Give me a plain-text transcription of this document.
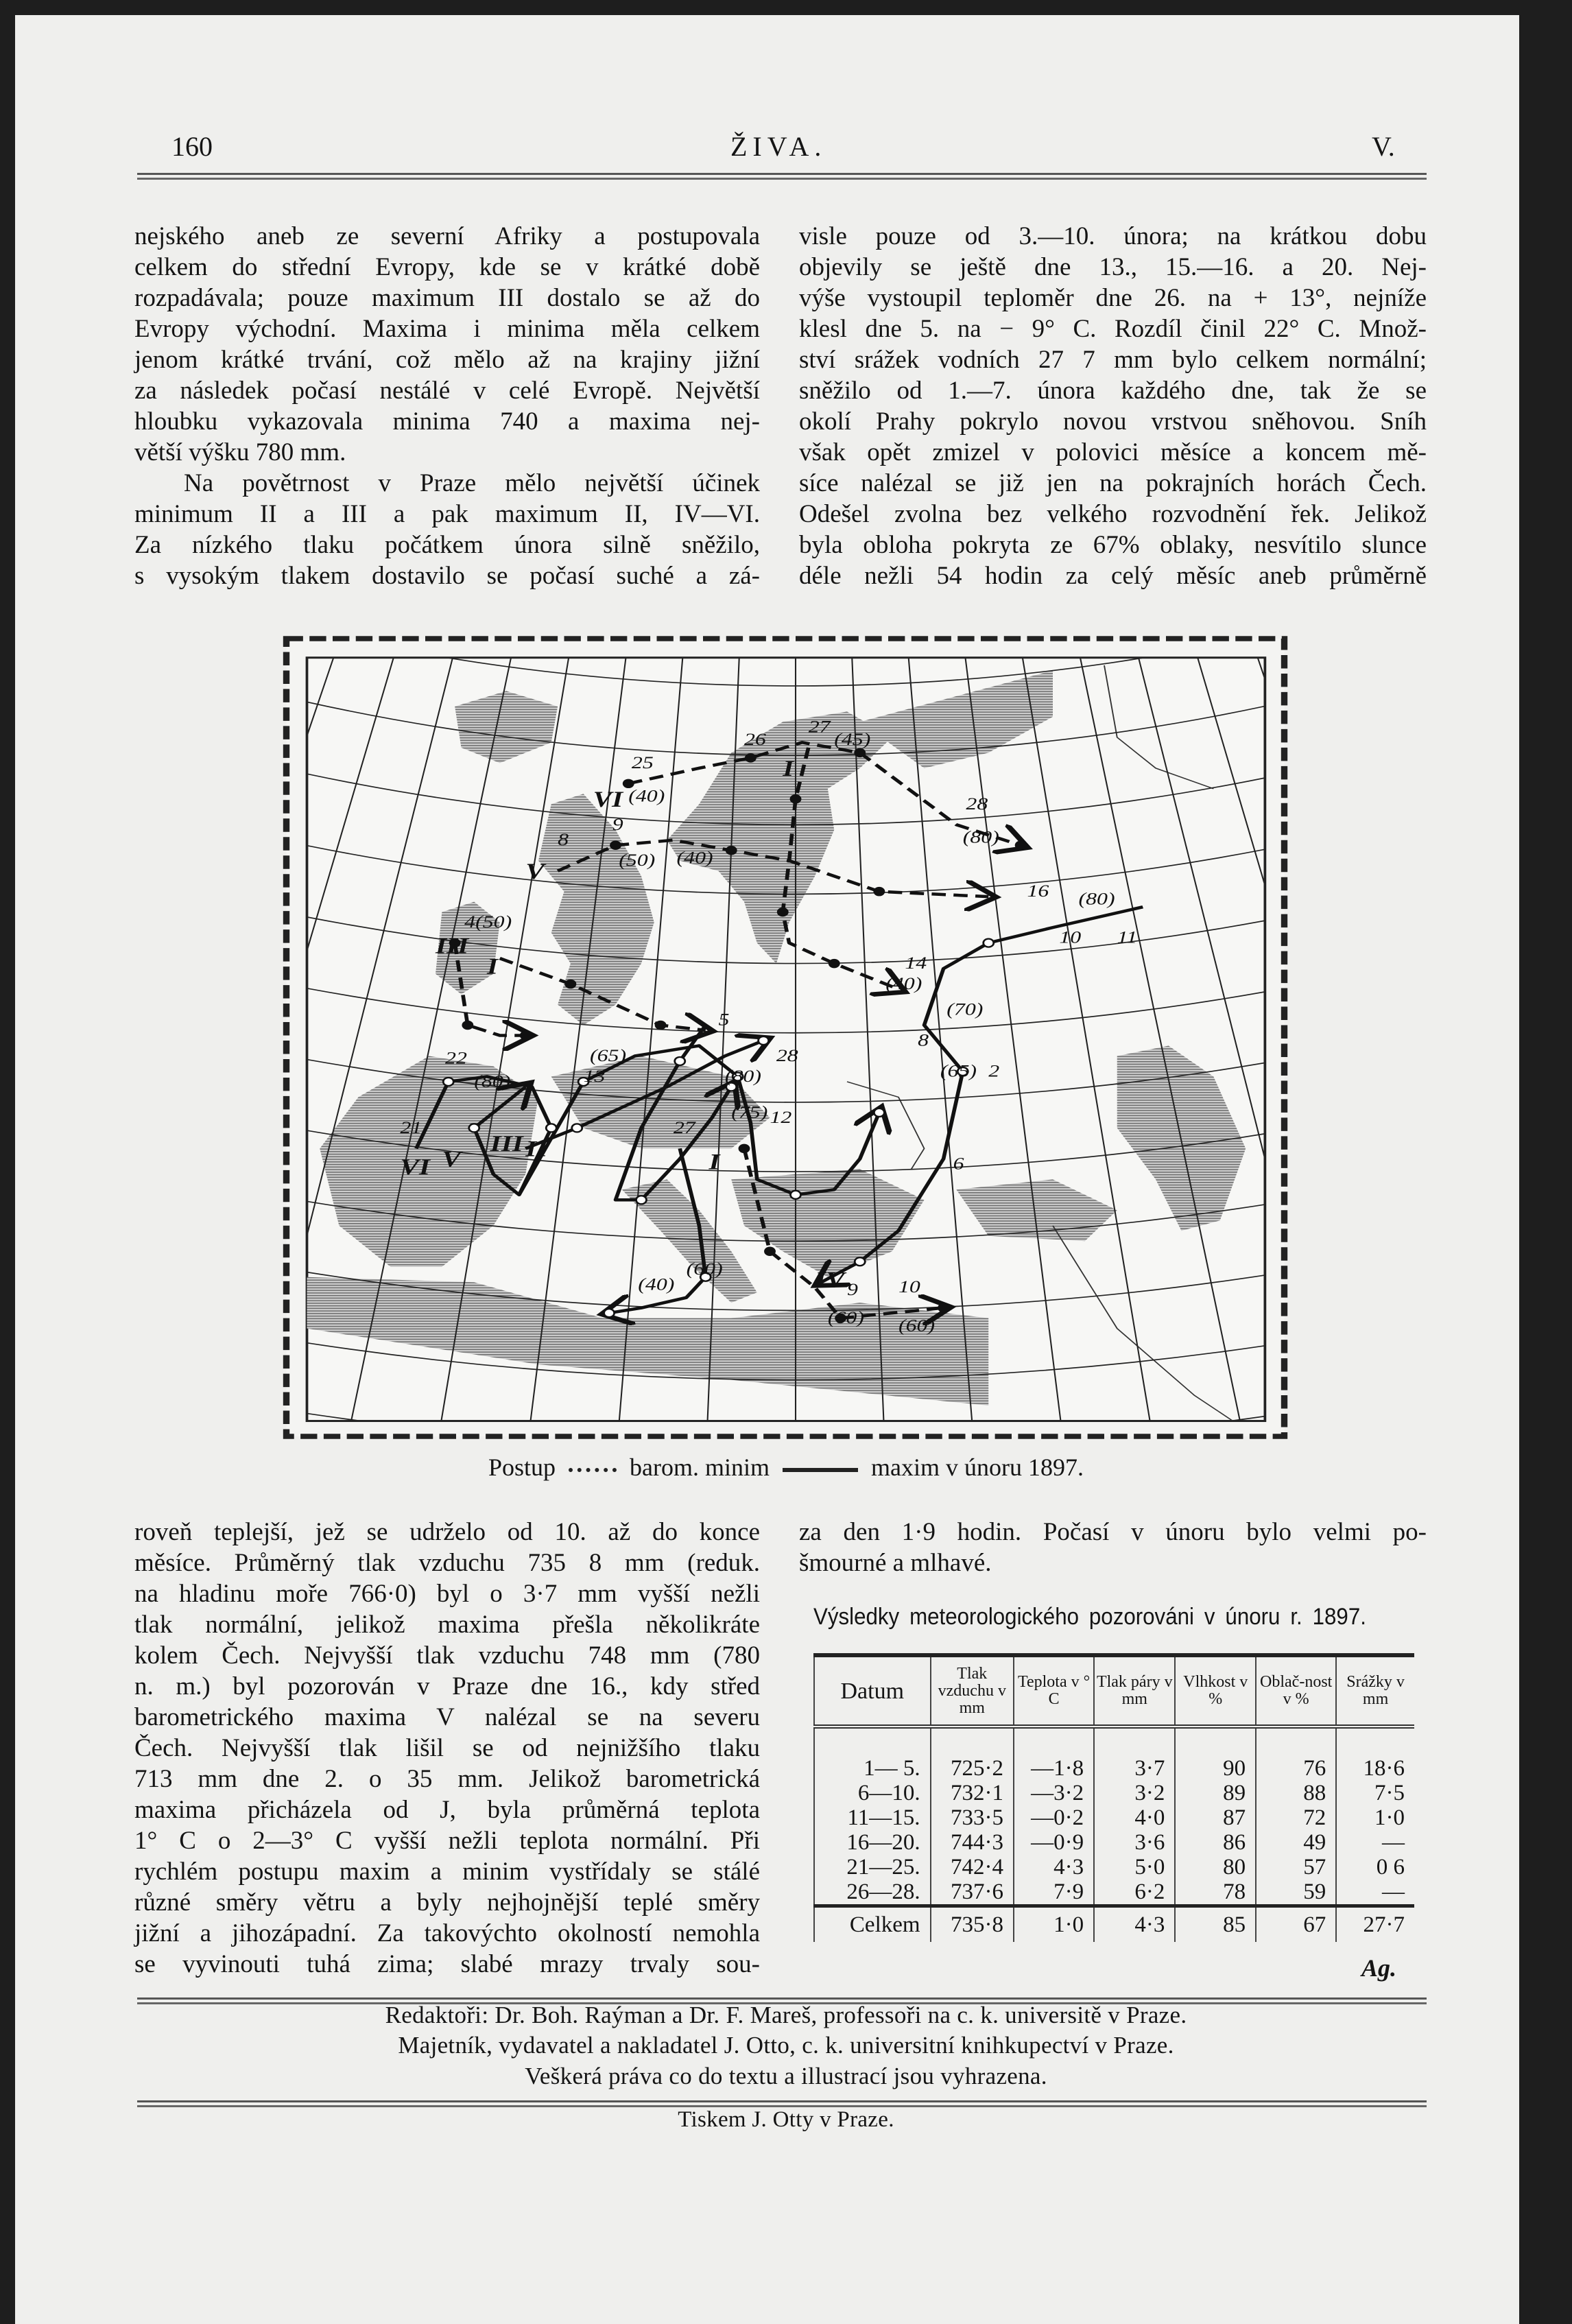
160	ŽIVA.	V.
nejského aneb ze severní Afriky a postupovala
celkem do střední Evropy, kde se v krátké době
rozpadávala; pouze maximum III dostalo se až do
Evropy východní. Maxima i minima měla celkem
jenom krátké trvání, což mělo až na krajiny jižní
za následek počasí nestálé v celé Evropě. Největší
hloubku vykazovala minima 740 a maxima nej-
větší výšku 780 mm.
Na povětrnost v Praze mělo největší účinek
minimum II a III a pak maximum II, IV—VI.
Za nízkého tlaku počátkem února silně sněžilo,
s vysokým tlakem dostavilo se počasí suché a zá-
visle pouze od 3.—10. února; na krátkou dobu
objevily se ještě dne 13., 15.—16. a 20. Nej-
výše vystoupil teploměr dne 26. na + 13°, nejníže
klesl dne 5. na − 9° C. Rozdíl činil 22° C. Množ-
ství srážek vodních 27 7 mm bylo celkem normální;
sněžilo od 1.—7. února každého dne, tak že se
okolí Prahy pokrylo novou vrstvou sněhovou. Sníh
však opět zmizel v polovici měsíce a koncem mě-
síce nalézal se již jen na pokrajních horách Čech.
Odešel zvolna bez velkého rozvodnění řek. Jelikož
byla obloha pokryta ze 67% oblaky, nesvítilo slunce
déle nežli 54 hodin za celý měsíc aneb průměrně
25
(40)
VI
26
27
(45)
I
28
(80)
9
8
V	(50) (40)
III
4(50)
I
16 (80)
10 11
14
(40)
(70)
8
(65) 2
6
22
(80)
21
VI V
III II
(60)
(40)	IV 9 10
(60) (60)
13
28
12
(75)
(80)
5
(65)
27
I
Postup	barom. minim	maxim v únoru 1897.
roveň teplejší, jež se udrželo od 10. až do konce
měsíce. Průměrný tlak vzduchu 735 8 mm (reduk.
na hladinu moře 766·0) byl o 3·7 mm vyšší nežli
tlak normální, jelikož maxima přešla několikráte
kolem Čech. Nejvyšší tlak vzduchu 748 mm (780
n. m.) byl pozorován v Praze dne 16., kdy střed
barometrického maxima V nalézal se na severu
Čech. Nejvyšší tlak lišil se od nejnižšího tlaku
713 mm dne 2. o 35 mm. Jelikož barometrická
maxima přicházela od J, byla průměrná teplota
1° C o 2—3° C vyšší nežli teplota normální. Při
rychlém postupu maxim a minim vystřídaly se stálé
různé směry větru a byly nejhojnější teplé směry
jižní a jihozápadní. Za takovýchto okolností nemohla
se vyvinouti tuhá zima; slabé mrazy trvaly sou-
za den 1·9 hodin. Počasí v únoru bylo velmi po-
šmourné a mlhavé.
Výsledky meteorologického pozorováni v únoru r. 1897.
Datum	Tlak vzduchu v mm	Teplota v ° C	Tlak páry v mm	Vlhkost v %	Oblač-nost v %	Srážky v mm
1— 5.	725·2	—1·8	3·7	90	76	18·6
6—10.	732·1	—3·2	3·2	89	88	7·5
11—15.	733·5	—0·2	4·0	87	72	1·0
16—20.	744·3	—0·9	3·6	86	49	—
21—25.	742·4	4·3	5·0	80	57	0 6
26—28.	737·6	7·9	6·2	78	59	—
Celkem	735·8	1·0	4·3	85	67	27·7
Ag.
Redaktoři: Dr. Boh. Raýman a Dr. F. Mareš, professoři na c. k. universitě v Praze.
Majetník, vydavatel a nakladatel J. Otto, c. k. universitní knihkupectví v Praze.
Veškerá práva co do textu a illustrací jsou vyhrazena.
Tiskem J. Otty v Praze.
